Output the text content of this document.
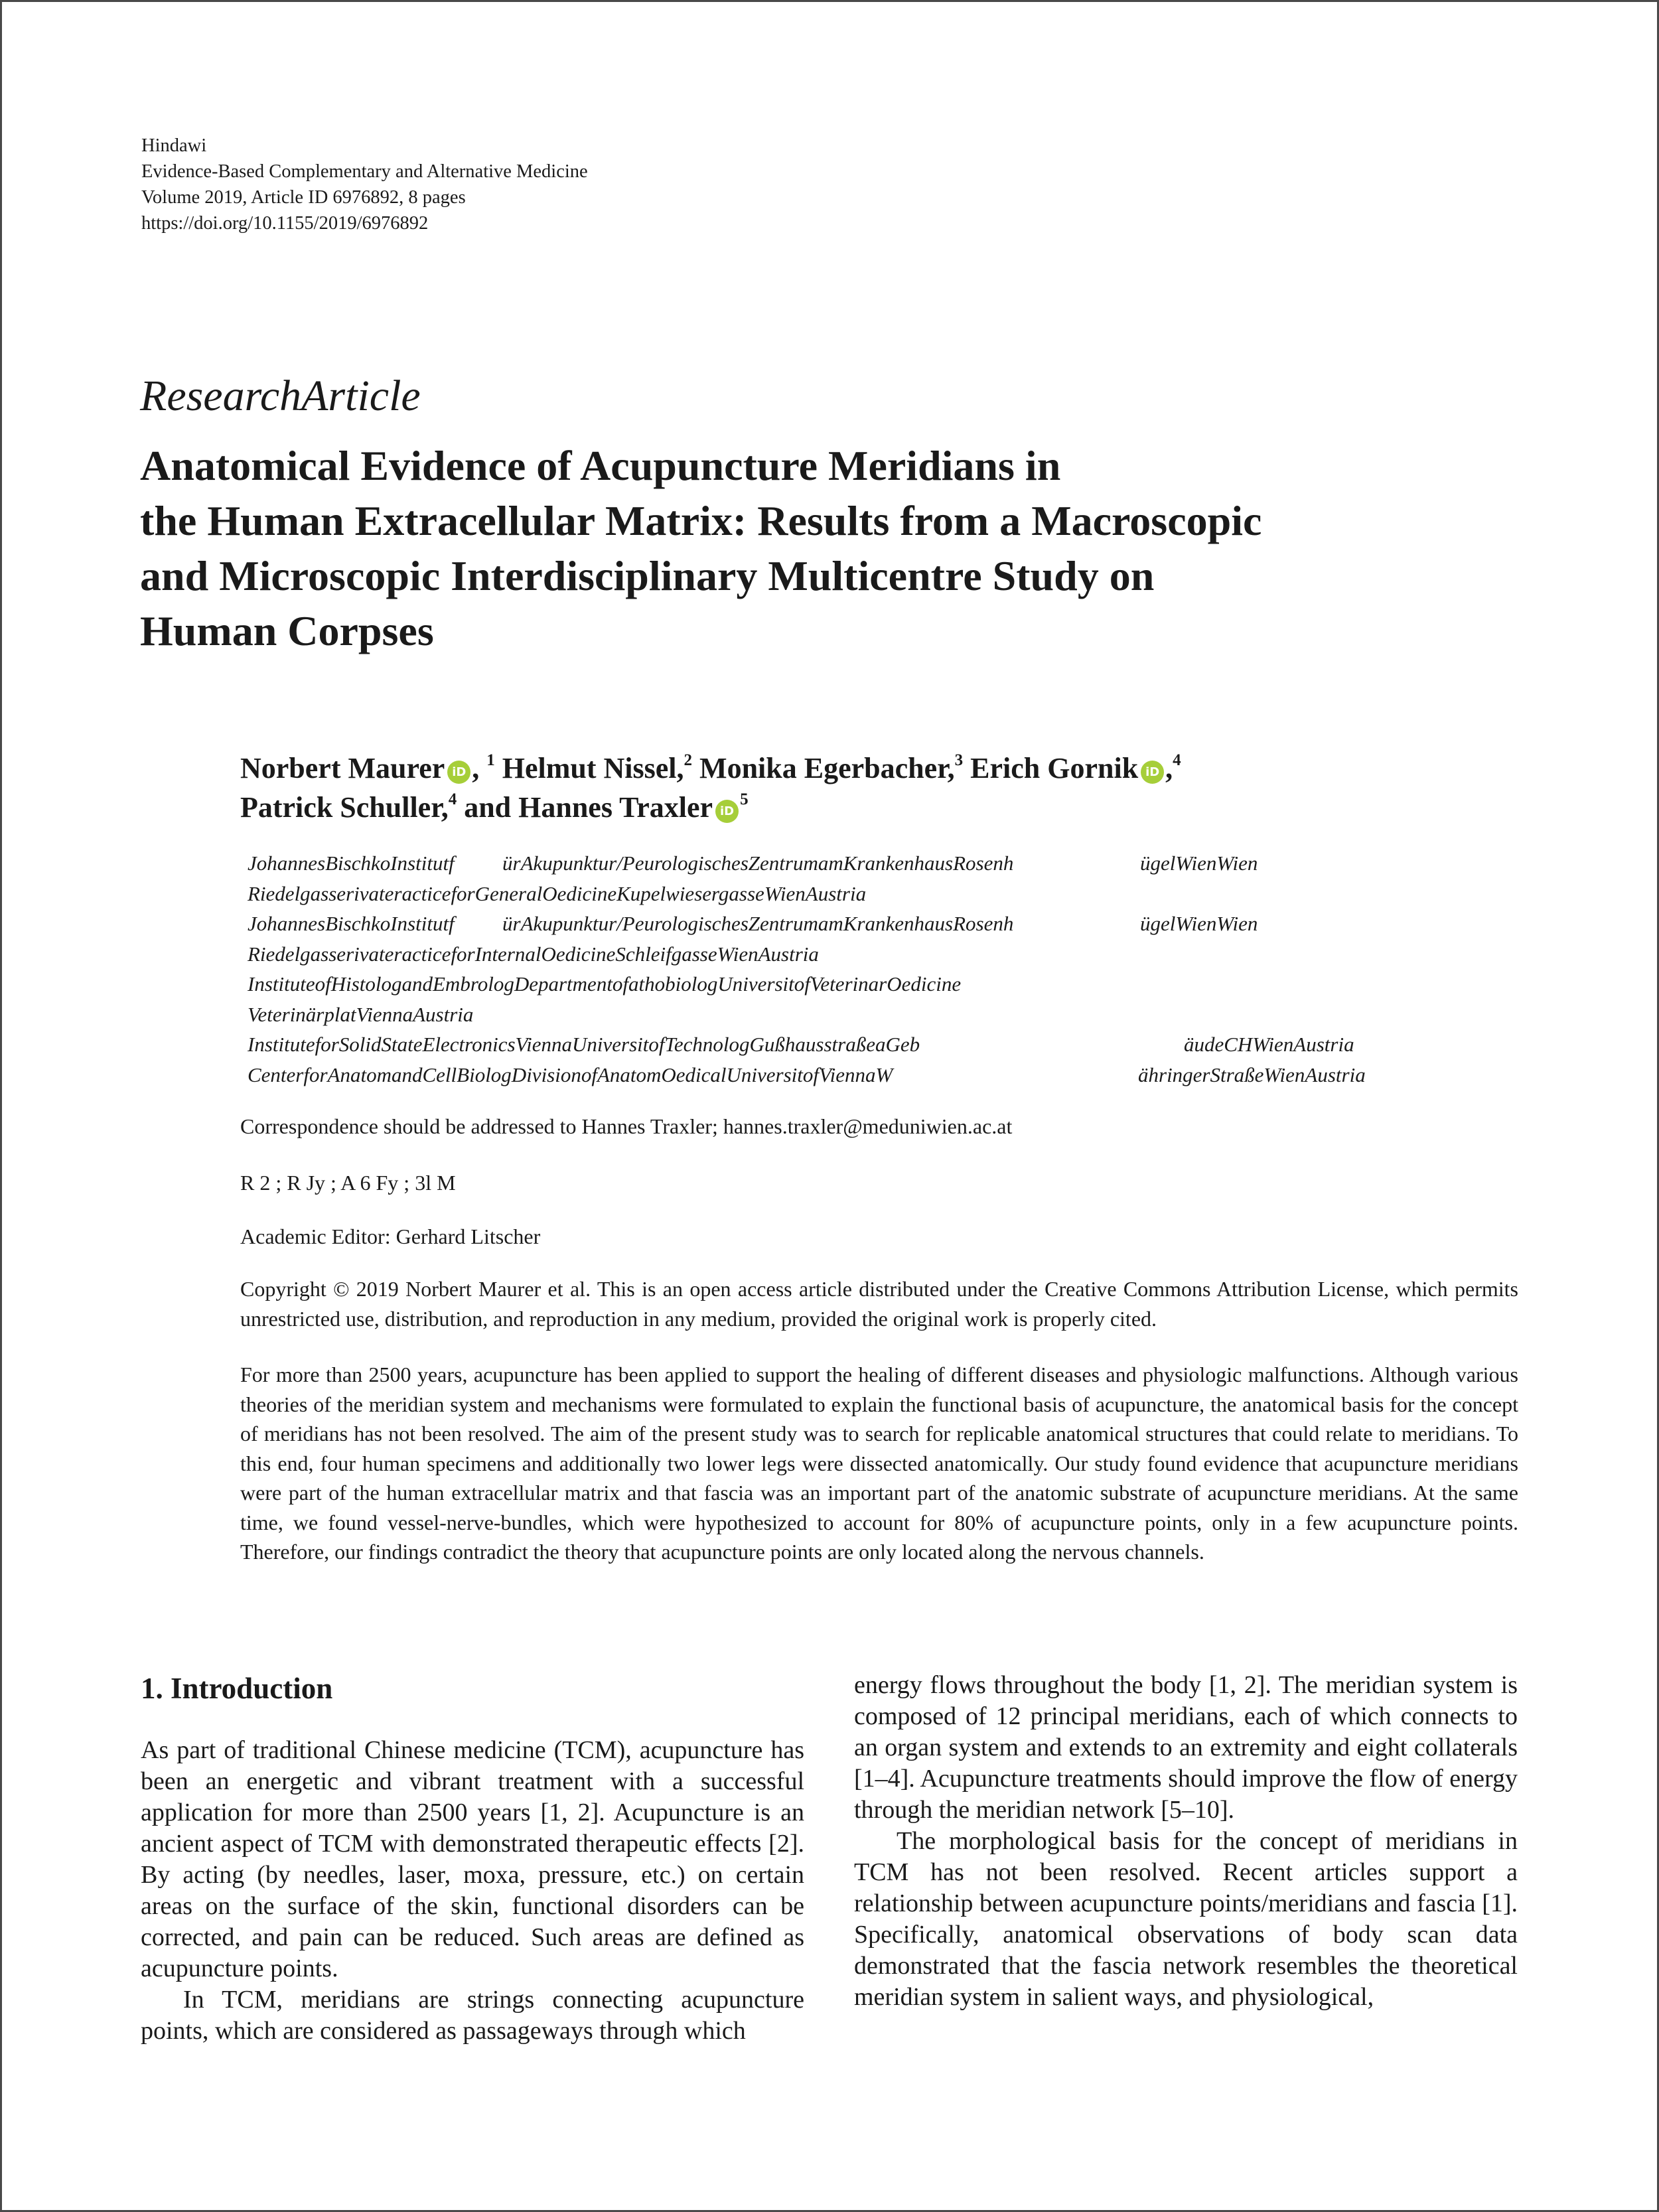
Hindawi
Evidence-Based Complementary and Alternative Medicine
Volume 2019, Article ID 6976892, 8 pages
https://doi.org/10.1155/2019/6976892
ResearchArticle
Anatomical Evidence of Acupuncture Meridians in
the Human Extracellular Matrix: Results from a Macroscopic
and Microscopic Interdisciplinary Multicentre Study on
Human Corpses
Norbert Maurer iD , $^1$ Helmut Nissel,$^2$ Monika Egerbacher,$^3$ Erich Gornik iD ,$^4$
Patrick Schuller,$^4$ and Hannes Traxler $iD^5$
JohannesBischkoInstitutf ürAkupunktur/PeurologischesZentrumamKrankenhausRosenh	ügelWienWien
RiedelgasserivateracticeforGeneralOedicineKupelwiesergasseWienAustria
JohannesBischkoInstitutf ürAkupunktur/PeurologischesZentrumamKrankenhausRosenh	ügelWienWien
RiedelgasserivateracticeforInternalOedicineSchleifgasseWienAustria
InstituteofHistologandEmbrologDepartmentofathobiologUniversitofVeterinarOedicine
VeterinärplatViennaAustria
InstituteforSolidStateElectronicsViennaUniversitofTechnologGußhausstraßeaGeb	äudeCHWienAustria
CenterforAnatomandCellBiologDivisionofAnatomOedicalUniversitofViennaW	ähringerStraßeWienAustria
Correspondence should be addressed to Hannes Traxler; hannes.traxler@meduniwien.ac.at
R 2 ; R Jy ; A 6 Fy ; 3l M
Academic Editor: Gerhard Litscher

Copyright © 2019 Norbert Maurer et al. This is an open access article distributed under the Creative Commons Attribution License, which permits unrestricted use, distribution, and reproduction in any medium, provided the original work is properly cited.

For more than 2500 years, acupuncture has been applied to support the healing of different diseases and physiologic malfunctions. Although various theories of the meridian system and mechanisms were formulated to explain the functional basis of acupuncture, the anatomical basis for the concept of meridians has not been resolved. The aim of the present study was to search for replicable anatomical structures that could relate to meridians. To this end, four human specimens and additionally two lower legs were dissected anatomically. Our study found evidence that acupuncture meridians were part of the human extracellular matrix and that fascia was an important part of the anatomic substrate of acupuncture meridians. At the same time, we found vessel-nerve-bundles, which were hypothesized to account for 80% of acupuncture points, only in a few acupuncture points. Therefore, our findings contradict the theory that acupuncture points are only located along the nervous channels.

1. Introduction

As part of traditional Chinese medicine (TCM), acupuncture has been an energetic and vibrant treatment with a successful application for more than 2500 years [1, 2]. Acupuncture is an ancient aspect of TCM with demonstrated therapeutic effects [2]. By acting (by needles, laser, moxa, pressure, etc.) on certain areas on the surface of the skin, functional disorders can be corrected, and pain can be reduced. Such areas are defined as acupuncture points.

In TCM, meridians are strings connecting acupuncture points, which are considered as passageways through which

energy flows throughout the body [1, 2]. The meridian system is composed of 12 principal meridians, each of which connects to an organ system and extends to an extremity and eight collaterals [1–4]. Acupuncture treatments should improve the flow of energy through the meridian network [5–10].

The morphological basis for the concept of meridians in TCM has not been resolved. Recent articles support a relationship between acupuncture points/meridians and fascia [1]. Specifically, anatomical observations of body scan data demonstrated that the fascia network resembles the theoretical meridian system in salient ways, and physiological,
